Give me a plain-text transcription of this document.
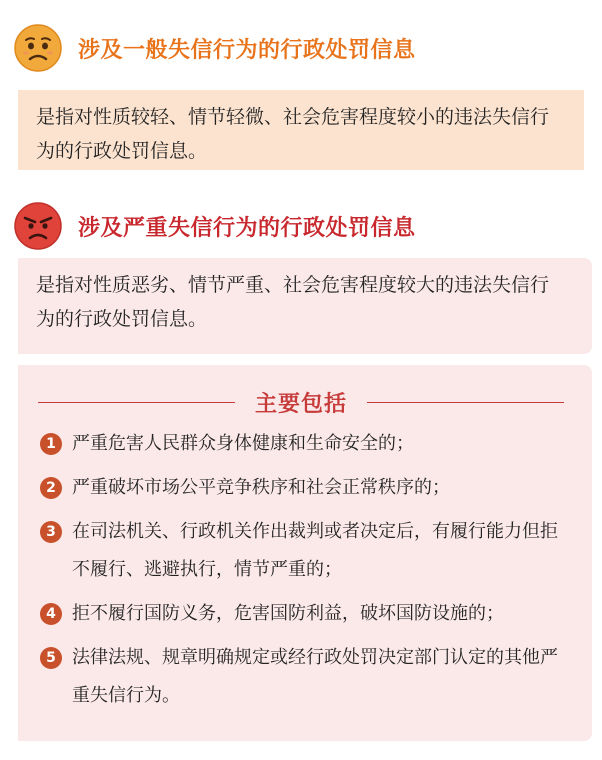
涉及一般失信行为的行政处罚信息
是指对性质较轻、情节轻微、社会危害程度较小的违法失信行为的行政处罚信息。
涉及严重失信行为的行政处罚信息
是指对性质恶劣、情节严重、社会危害程度较大的违法失信行为的行政处罚信息。
主要包括
1 严重危害人民群众身体健康和生命安全的；
2 严重破坏市场公平竞争秩序和社会正常秩序的；
3 在司法机关、行政机关作出裁判或者决定后，有履行能力但拒不履行、逃避执行，情节严重的；
4 拒不履行国防义务，危害国防利益，破坏国防设施的；
5 法律法规、规章明确规定或经行政处罚决定部门认定的其他严重失信行为。
